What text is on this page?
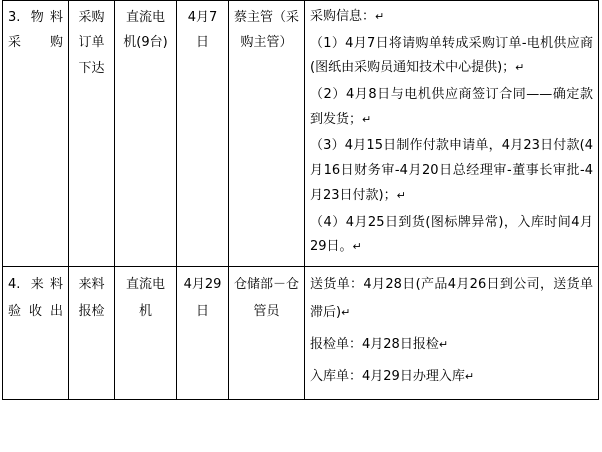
3. 物料采购	采购订单下达	直流电机(9台)	4月7日	蔡主管（采购主管）	采购信息：↵

（1）4月7日将请购单转成采购订单-电机供应商(图纸由采购员通知技术中心提供)；↵

（2）4月8日与电机供应商签订合同——确定款到发货；↵

（3）4月15日制作付款申请单，4月23日付款(4月16日财务审-4月20日总经理审-董事长审批-4月23日付款)；↵

（4）4月25日到货(图标牌异常)，入库时间4月29日。↵

4. 来料验收出	来料报检	直流电机	4月29日	仓储部－仓管员	送货单：4月28日(产品4月26日到公司，送货单滞后)↵

报检单：4月28日报检↵

入库单：4月29日办理入库↵
